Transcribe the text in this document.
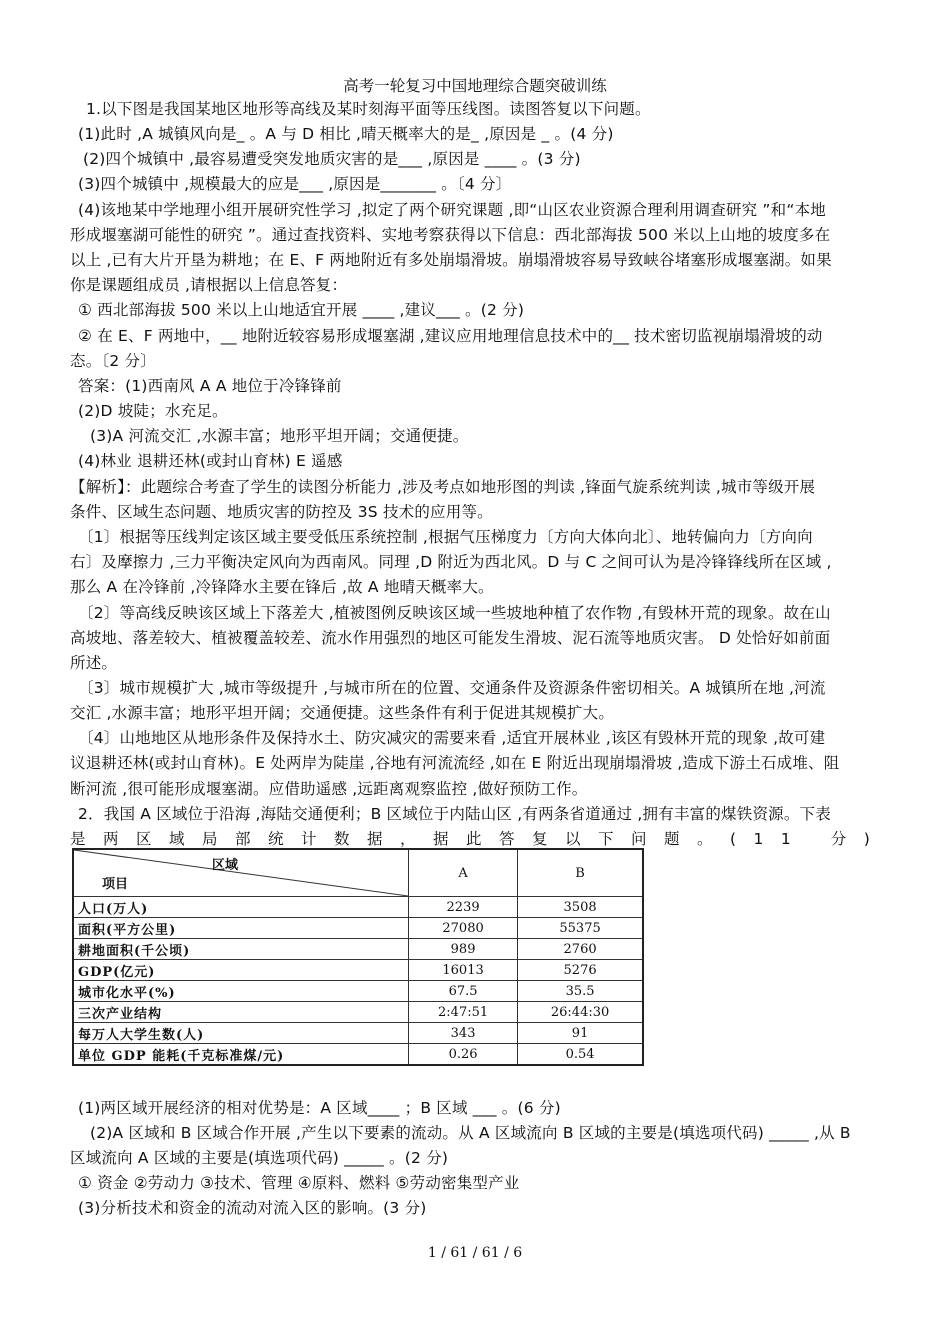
高考一轮复习中国地理综合题突破训练
1.以下图是我国某地区地形等高线及某时刻海平面等压线图。读图答复以下问题。
(1)此时 ,A 城镇风向是_ 。A 与 D 相比 ,晴天概率大的是_ ,原因是 _ 。(4 分)
(2)四个城镇中 ,最容易遭受突发地质灾害的是___ ,原因是 ____ 。(3 分)
(3)四个城镇中 ,规模最大的应是___ ,原因是_______ 。〔4 分〕
(4)该地某中学地理小组开展研究性学习 ,拟定了两个研究课题 ,即“山区农业资源合理利用调查研究 ”和“本地
形成堰塞湖可能性的研究 ”。通过查找资料、实地考察获得以下信息：西北部海拔 500 米以上山地的坡度多在
以上 ,已有大片开垦为耕地；在 E、F 两地附近有多处崩塌滑坡。崩塌滑坡容易导致峡谷堵塞形成堰塞湖。如果
你是课题组成员 ,请根据以上信息答复：
① 西北部海拔 500 米以上山地适宜开展 ____ ,建议___ 。(2 分)
② 在 E、F 两地中，__ 地附近较容易形成堰塞湖 ,建议应用地理信息技术中的__ 技术密切监视崩塌滑坡的动
态。〔2 分〕
答案：(1)西南风 A A 地位于冷锋锋前
(2)D 坡陡；水充足。
(3)A 河流交汇 ,水源丰富；地形平坦开阔；交通便捷。
(4)林业 退耕还林(或封山育林) E 遥感
【解析】：此题综合考查了学生的读图分析能力 ,涉及考点如地形图的判读 ,锋面气旋系统判读 ,城市等级开展
条件、区域生态问题、地质灾害的防控及 3S 技术的应用等。
〔1〕根据等压线判定该区域主要受低压系统控制 ,根据气压梯度力〔方向大体向北〕、地转偏向力〔方向向
右〕及摩擦力 ,三力平衡决定风向为西南风。同理 ,D 附近为西北风。D 与 C 之间可认为是冷锋锋线所在区域 ,
那么 A 在冷锋前 ,冷锋降水主要在锋后 ,故 A 地晴天概率大。
〔2〕等高线反映该区域上下落差大 ,植被图例反映该区域一些坡地种植了农作物 ,有毁林开荒的现象。故在山
高坡地、落差较大、植被覆盖较差、流水作用强烈的地区可能发生滑坡、泥石流等地质灾害。 D 处恰好如前面
所述。
〔3〕城市规模扩大 ,城市等级提升 ,与城市所在的位置、交通条件及资源条件密切相关。A 城镇所在地 ,河流
交汇 ,水源丰富；地形平坦开阔；交通便捷。这些条件有利于促进其规模扩大。
〔4〕山地地区从地形条件及保持水土、防灾减灾的需要来看 ,适宜开展林业 ,该区有毁林开荒的现象 ,故可建
议退耕还林(或封山育林)。E 处两岸为陡崖 ,谷地有河流流经 ,如在 E 附近出现崩塌滑坡 ,造成下游土石成堆、阻
断河流 ,很可能形成堰塞湖。应借助遥感 ,远距离观察监控 ,做好预防工作。
2．我国 A 区域位于沿海 ,海陆交通便利；B 区域位于内陆山区 ,有两条省道通过 ,拥有丰富的煤铁资源。下表
是两区域局部统计数据，据此答复以下问题。(11 分)
区域
项目	A	B
人口(万人)	2239	3508
面积(平方公里)	27080	55375
耕地面积(千公顷)	989	2760
GDP(亿元)	16013	5276
城市化水平(%)	67.5	35.5
三次产业结构	2:47:51	26:44:30
每万人大学生数(人)	343	91
单位 GDP 能耗(千克标准煤/元)	0.26	0.54
(1)两区域开展经济的相对优势是：A 区域____ ；B 区域 ___ 。(6 分)
(2)A 区域和 B 区域合作开展 ,产生以下要素的流动。从 A 区域流向 B 区域的主要是(填选项代码) _____ ,从 B
区域流向 A 区域的主要是(填选项代码) _____ 。(2 分)
① 资金 ②劳动力 ③技术、管理 ④原料、燃料 ⑤劳动密集型产业
(3)分析技术和资金的流动对流入区的影响。(3 分)
1 / 61 / 61 / 6
